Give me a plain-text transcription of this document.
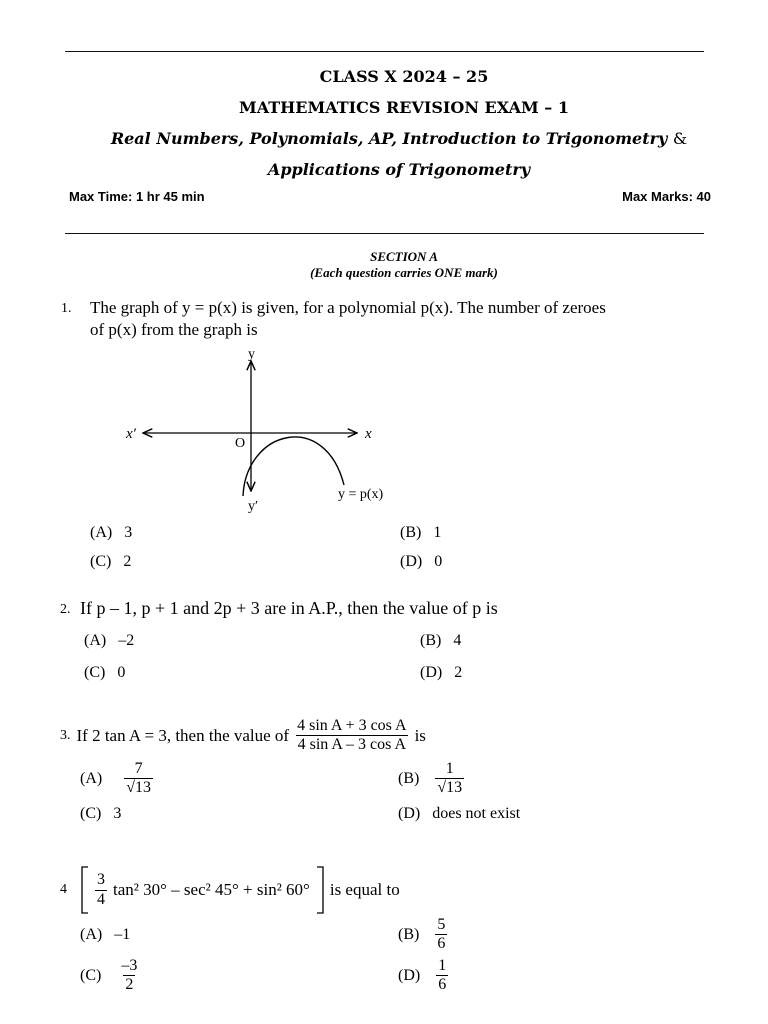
CLASS X 2024 – 25
MATHEMATICS REVISION EXAM – 1
Real Numbers, Polynomials, AP, Introduction to Trigonometry &
Applications of Trigonometry
Max Time: 1 hr 45 min	Max Marks: 40
SECTION A
(Each question carries ONE mark)
1. The graph of y = p(x) is given, for a polynomial p(x). The number of zeroes
of p(x) from the graph is
y
y′
x
x′
O
y = p(x)
(A) 3	(B) 1
(C) 2	(D) 0
2. If p – 1, p + 1 and 2p + 3 are in A.P., then the value of p is
(A) –2	(B) 4
(C) 0	(D) 2
3. If 2 tan A = 3, then the value of $\frac{\text{4 sin A + 3 cos A}}{\text{4 sin A – 3 cos A}}$ is
$(A) \frac{7}{√13}$	$(B) \frac{1}{√13}$
(C) 3	(D) does not exist
$4 \frac{3}{4} \tan^2$ 30° – sec² 45° + sin² 60° is equal to
(A) –1	$(B) \frac{5}{6}$
$(C) \frac{-3}{2}$	$(D) \frac{1}{6}$
